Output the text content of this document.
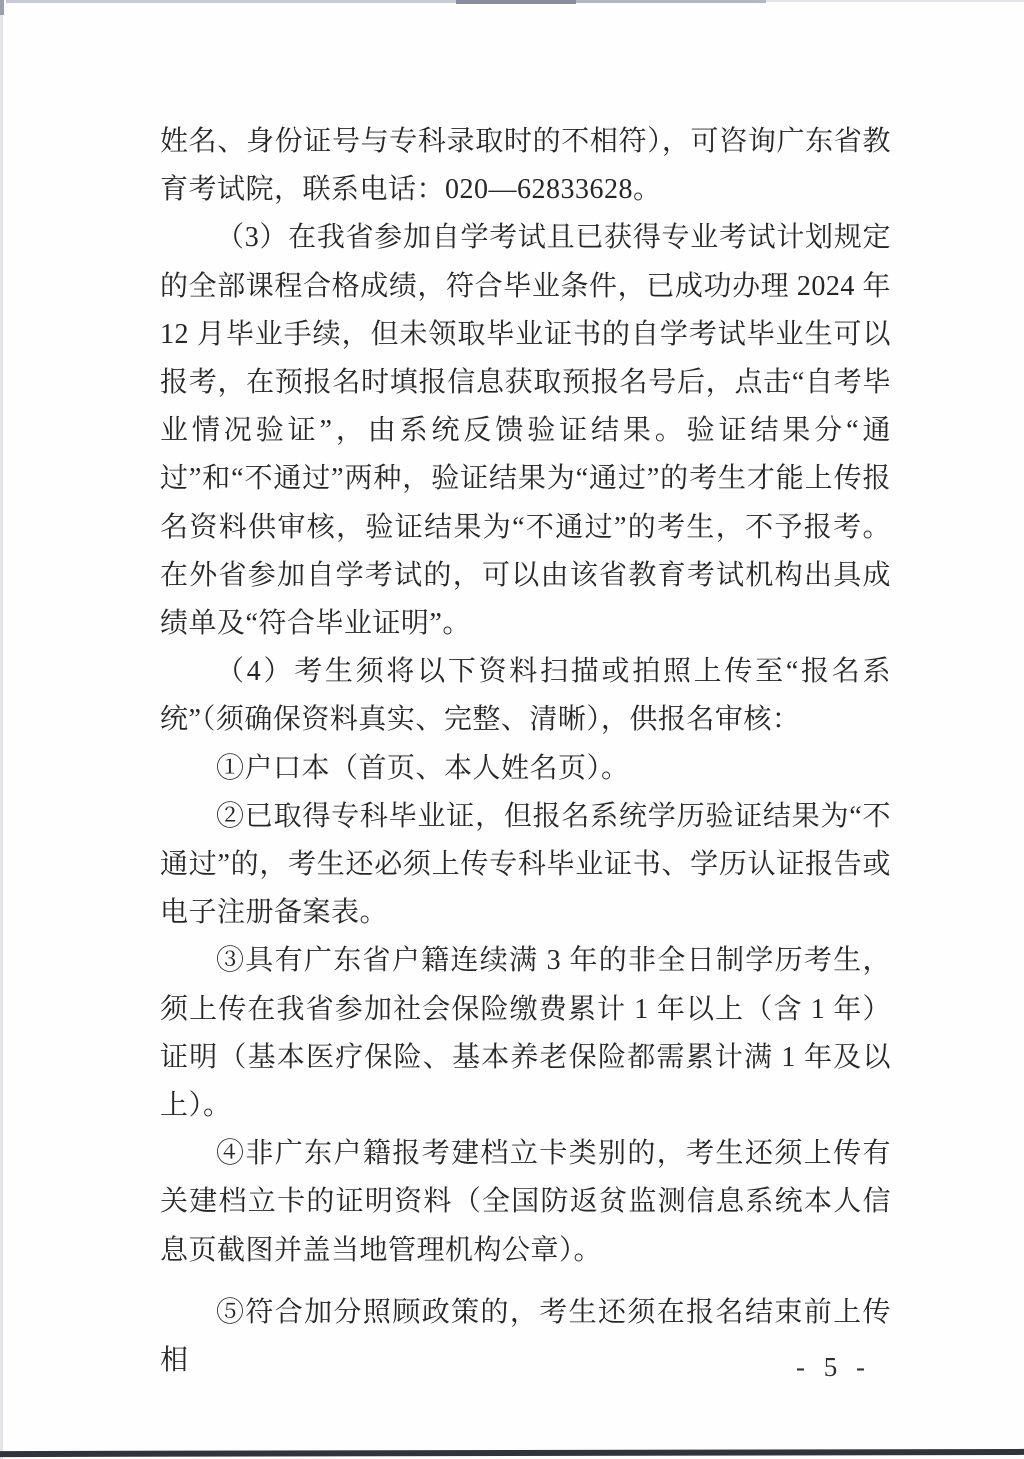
姓名、身份证号与专科录取时的不相符），可咨询广东省教育考试院，联系电话：020—62833628。

（3）在我省参加自学考试且已获得专业考试计划规定的全部课程合格成绩，符合毕业条件，已成功办理 2024 年 12 月毕业手续，但未领取毕业证书的自学考试毕业生可以报考，在预报名时填报信息获取预报名号后，点击“自考毕业情况验证”，由系统反馈验证结果。验证结果分“通过”和“不通过”两种，验证结果为“通过”的考生才能上传报名资料供审核，验证结果为“不通过”的考生，不予报考。在外省参加自学考试的，可以由该省教育考试机构出具成绩单及“符合毕业证明”。

（4）考生须将以下资料扫描或拍照上传至“报名系统”（须确保资料真实、完整、清晰），供报名审核：

①户口本（首页、本人姓名页）。

②已取得专科毕业证，但报名系统学历验证结果为“不通过”的，考生还必须上传专科毕业证书、学历认证报告或电子注册备案表。

③具有广东省户籍连续满 3 年的非全日制学历考生，须上传在我省参加社会保险缴费累计 1 年以上（含 1 年）证明（基本医疗保险、基本养老保险都需累计满 1 年及以上）。

④非广东户籍报考建档立卡类别的，考生还须上传有关建档立卡的证明资料（全国防返贫监测信息系统本人信息页截图并盖当地管理机构公章）。

⑤符合加分照顾政策的，考生还须在报名结束前上传相	- 5 -
